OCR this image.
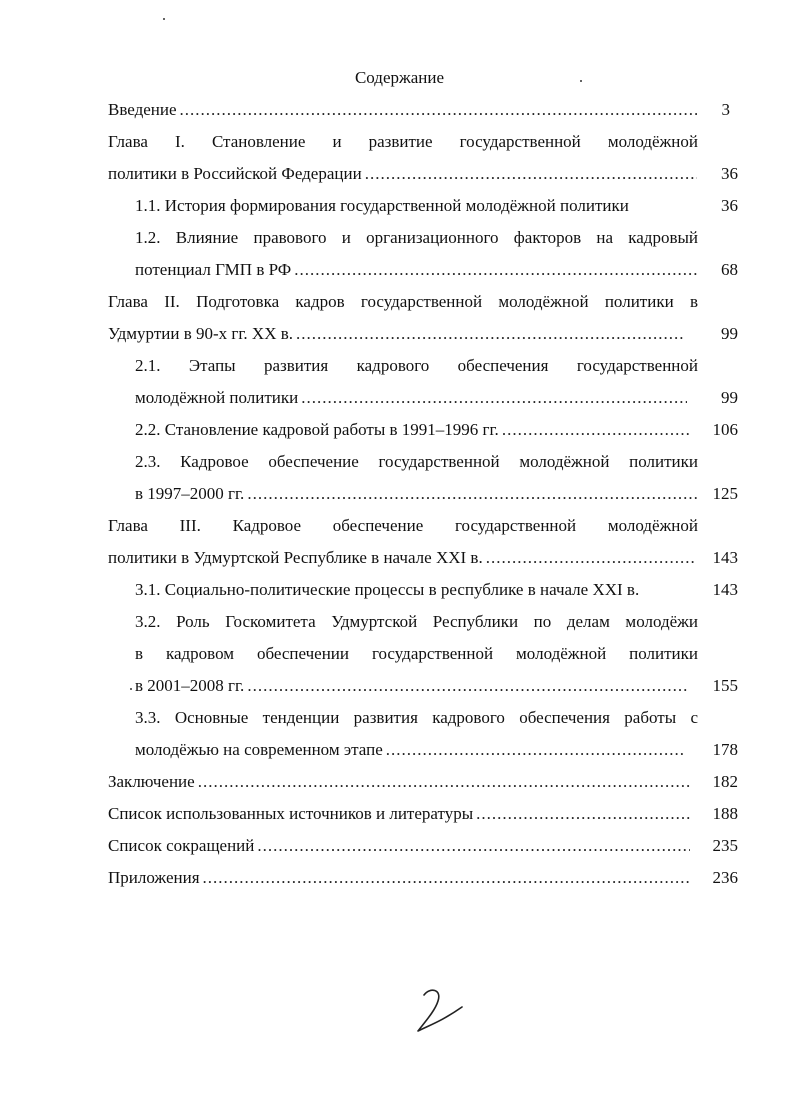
Содержание
Введение .....	3
Глава I. Становление и развитие государственной молодёжной
политики в Российской Федерации .....	36
1.1. История формирования государственной молодёжной политики	36
1.2. Влияние правового и организационного факторов на кадровый
потенциал ГМП в РФ .....	68
Глава II. Подготовка кадров государственной молодёжной политики в
Удмуртии в 90-х гг. XX в. .....	99
2.1. Этапы развития кадрового обеспечения государственной
молодёжной политики .....	99
2.2. Становление кадровой работы в 1991–1996 гг. .....	106
2.3. Кадровое обеспечение государственной молодёжной политики
в 1997–2000 гг. .....	125
Глава III. Кадровое обеспечение государственной молодёжной
политики в Удмуртской Республике в начале XXI в. .....	143
3.1. Социально-политические процессы в республике в начале XXI в.	143
3.2. Роль Госкомитета Удмуртской Республики по делам молодёжи
в кадровом обеспечении государственной молодёжной политики
в 2001–2008 гг. .....	155
3.3. Основные тенденции развития кадрового обеспечения работы с
молодёжью на современном этапе .....	178
Заключение .....	182
Список использованных источников и литературы .....	188
Список сокращений .....	235
Приложения .....	236
